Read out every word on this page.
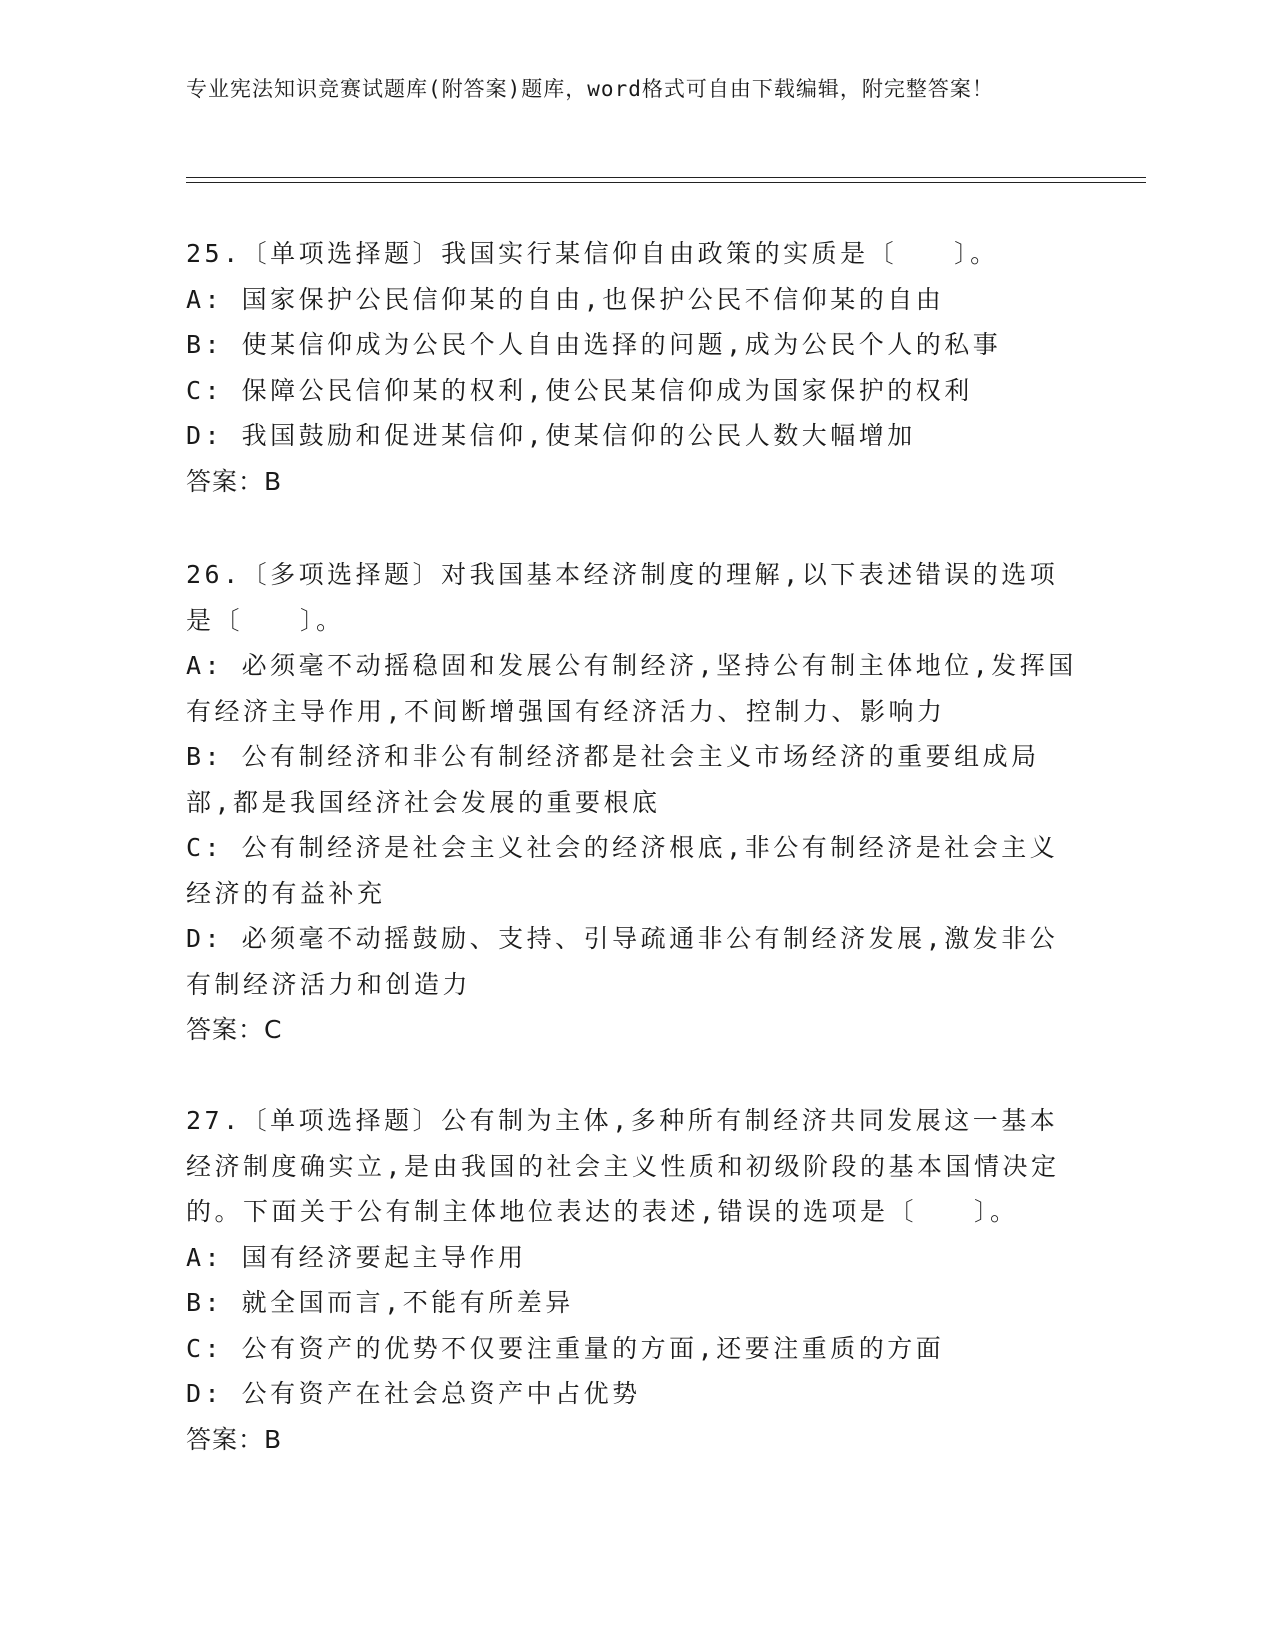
专业宪法知识竞赛试题库(附答案)题库，word格式可自由下载编辑，附完整答案！

25.〔单项选择题〕我国实行某信仰自由政策的实质是〔　　〕。

A: 国家保护公民信仰某的自由,也保护公民不信仰某的自由

B: 使某信仰成为公民个人自由选择的问题,成为公民个人的私事

C: 保障公民信仰某的权利,使公民某信仰成为国家保护的权利

D: 我国鼓励和促进某信仰,使某信仰的公民人数大幅增加

答案：B

26.〔多项选择题〕对我国基本经济制度的理解,以下表述错误的选项是〔　　〕。

A: 必须毫不动摇稳固和发展公有制经济,坚持公有制主体地位,发挥国有经济主导作用,不间断增强国有经济活力、控制力、影响力

B: 公有制经济和非公有制经济都是社会主义市场经济的重要组成局部,都是我国经济社会发展的重要根底

C: 公有制经济是社会主义社会的经济根底,非公有制经济是社会主义经济的有益补充

D: 必须毫不动摇鼓励、支持、引导疏通非公有制经济发展,激发非公有制经济活力和创造力

答案：C

27.〔单项选择题〕公有制为主体,多种所有制经济共同发展这一基本经济制度确实立,是由我国的社会主义性质和初级阶段的基本国情决定的。下面关于公有制主体地位表达的表述,错误的选项是〔　　〕。

A: 国有经济要起主导作用

B: 就全国而言,不能有所差异

C: 公有资产的优势不仅要注重量的方面,还要注重质的方面

D: 公有资产在社会总资产中占优势

答案：B
